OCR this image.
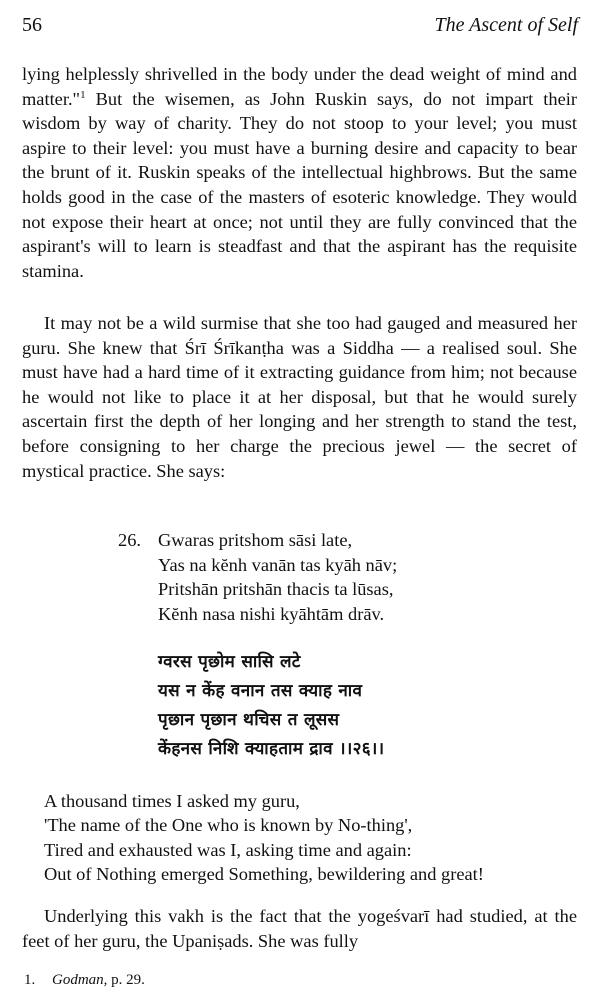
56	The Ascent of Self
lying helplessly shrivelled in the body under the dead weight of mind and matter."$^1$ But the wisemen, as John Ruskin says, do not impart their wisdom by way of charity. They do not stoop to your level; you must aspire to their level: you must have a burning desire and capacity to bear the brunt of it. Ruskin speaks of the intellectual highbrows. But the same holds good in the case of the masters of esoteric knowledge. They would not expose their heart at once; not until they are fully convinced that the aspirant's will to learn is steadfast and that the aspirant has the requisite stamina.
It may not be a wild surmise that she too had gauged and measured her guru. She knew that Śrī Śrīkanṭha was a Siddha — a realised soul. She must have had a hard time of it extracting guidance from him; not because he would not like to place it at her disposal, but that he would surely ascertain first the depth of her longing and her strength to stand the test, before consigning to her charge the precious jewel — the secret of mystical practice. She says:
26. Gwaras pritshom sāsi late,
Yas na kĕnh vanān tas kyāh nāv;
Pritshān pritshān thacis ta lūsas,
Kĕnh nasa nishi kyāhtām drāv.
ग्वरस पृछोम सासि लटे
यस न केंह वनान तस क्याह नाव
पृछान पृछान थचिस त लूसस
केंहनस निशि क्याहताम द्राव ।।२६।।
A thousand times I asked my guru,
'The name of the One who is known by No-thing',
Tired and exhausted was I, asking time and again:
Out of Nothing emerged Something, bewildering and great!
Underlying this vakh is the fact that the yogeśvarī had studied, at the feet of her guru, the Upaniṣads. She was fully
1. Godman, p. 29.
